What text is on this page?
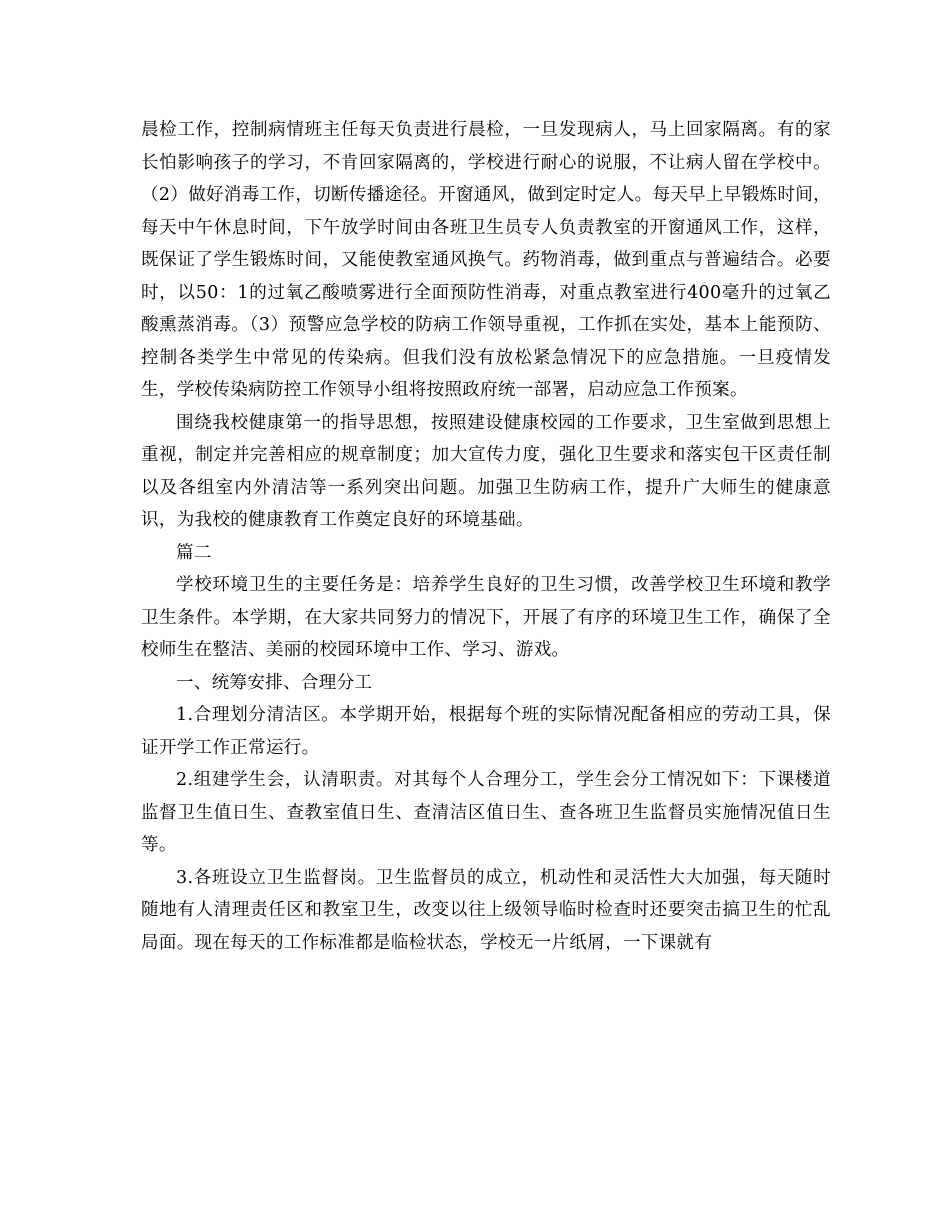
晨检工作，控制病情班主任每天负责进行晨检，一旦发现病人，马上回家隔离。有的家长怕影响孩子的学习，不肯回家隔离的，学校进行耐心的说服，不让病人留在学校中。（2）做好消毒工作，切断传播途径。开窗通风，做到定时定人。每天早上早锻炼时间，每天中午休息时间，下午放学时间由各班卫生员专人负责教室的开窗通风工作，这样，既保证了学生锻炼时间，又能使教室通风换气。药物消毒，做到重点与普遍结合。必要时，以50：1的过氧乙酸喷雾进行全面预防性消毒，对重点教室进行400毫升的过氧乙酸熏蒸消毒。（3）预警应急学校的防病工作领导重视，工作抓在实处，基本上能预防、控制各类学生中常见的传染病。但我们没有放松紧急情况下的应急措施。一旦疫情发生，学校传染病防控工作领导小组将按照政府统一部署，启动应急工作预案。

围绕我校健康第一的指导思想，按照建设健康校园的工作要求，卫生室做到思想上重视，制定并完善相应的规章制度；加大宣传力度，强化卫生要求和落实包干区责任制以及各组室内外清洁等一系列突出问题。加强卫生防病工作，提升广大师生的健康意识，为我校的健康教育工作奠定良好的环境基础。

篇二

学校环境卫生的主要任务是：培养学生良好的卫生习惯，改善学校卫生环境和教学卫生条件。本学期，在大家共同努力的情况下，开展了有序的环境卫生工作，确保了全校师生在整洁、美丽的校园环境中工作、学习、游戏。

一、统筹安排、合理分工

1.合理划分清洁区。本学期开始，根据每个班的实际情况配备相应的劳动工具，保证开学工作正常运行。

2.组建学生会，认清职责。对其每个人合理分工，学生会分工情况如下：下课楼道监督卫生值日生、查教室值日生、查清洁区值日生、查各班卫生监督员实施情况值日生等。

3.各班设立卫生监督岗。卫生监督员的成立，机动性和灵活性大大加强，每天随时随地有人清理责任区和教室卫生，改变以往上级领导临时检查时还要突击搞卫生的忙乱局面。现在每天的工作标准都是临检状态，学校无一片纸屑，一下课就有
